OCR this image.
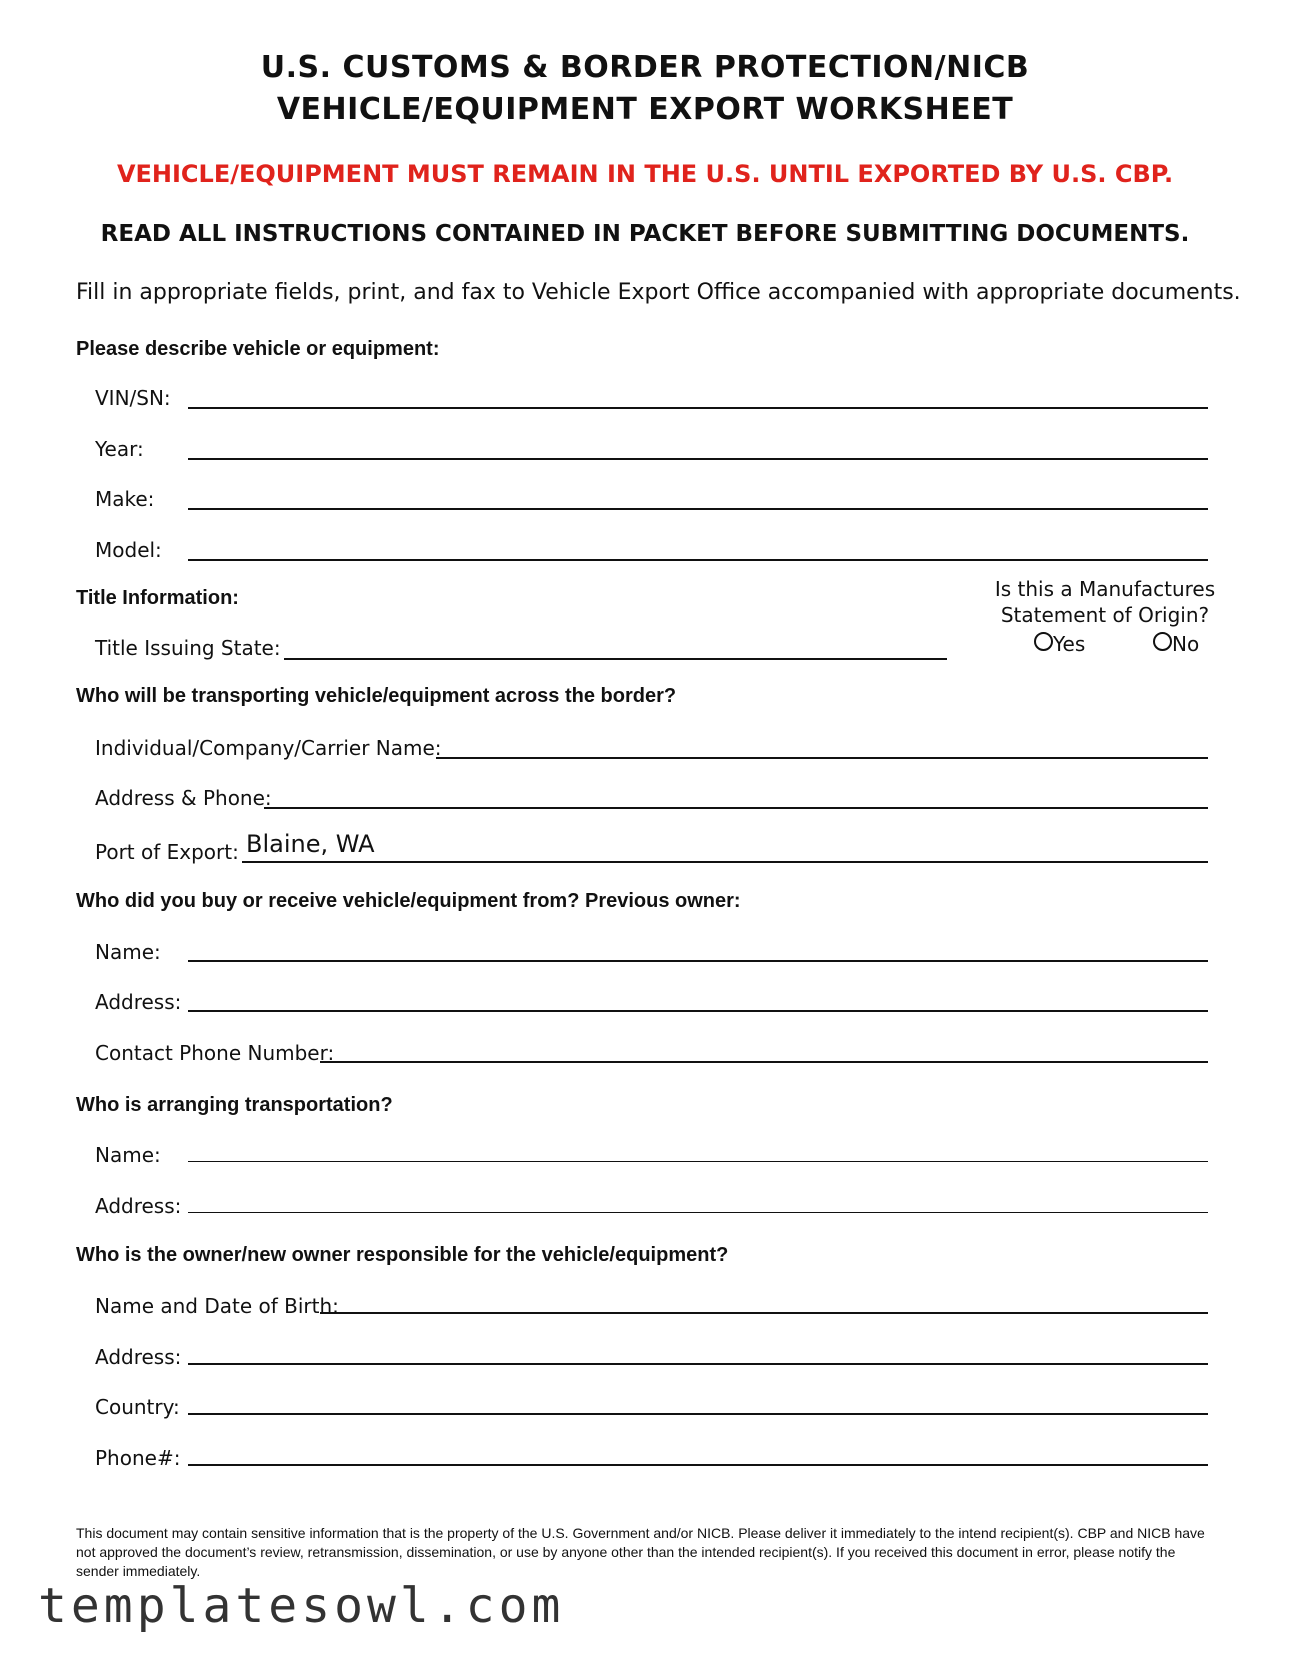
U.S. CUSTOMS & BORDER PROTECTION/NICB
VEHICLE/EQUIPMENT EXPORT WORKSHEET
VEHICLE/EQUIPMENT MUST REMAIN IN THE U.S. UNTIL EXPORTED BY U.S. CBP.
READ ALL INSTRUCTIONS CONTAINED IN PACKET BEFORE SUBMITTING DOCUMENTS.
Fill in appropriate fields, print, and fax to Vehicle Export Office accompanied with appropriate documents.
Please describe vehicle or equipment:
VIN/SN:
Year:
Make:
Model:
Title Information:
Title Issuing State:
Is this a Manufactures Statement of Origin?
Yes	No
Who will be transporting vehicle/equipment across the border?
Individual/Company/Carrier Name:
Address & Phone:
Port of Export: Blaine, WA
Who did you buy or receive vehicle/equipment from? Previous owner:
Name:
Address:
Contact Phone Number:
Who is arranging transportation?
Name:
Address:
Who is the owner/new owner responsible for the vehicle/equipment?
Name and Date of Birth:
Address:
Country:
Phone#:
This document may contain sensitive information that is the property of the U.S. Government and/or NICB. Please deliver it immediately to the intend recipient(s). CBP and NICB have not approved the document’s review, retransmission, dissemination, or use by anyone other than the intended recipient(s). If you received this document in error, please notify the sender immediately.
templatesowl.com
